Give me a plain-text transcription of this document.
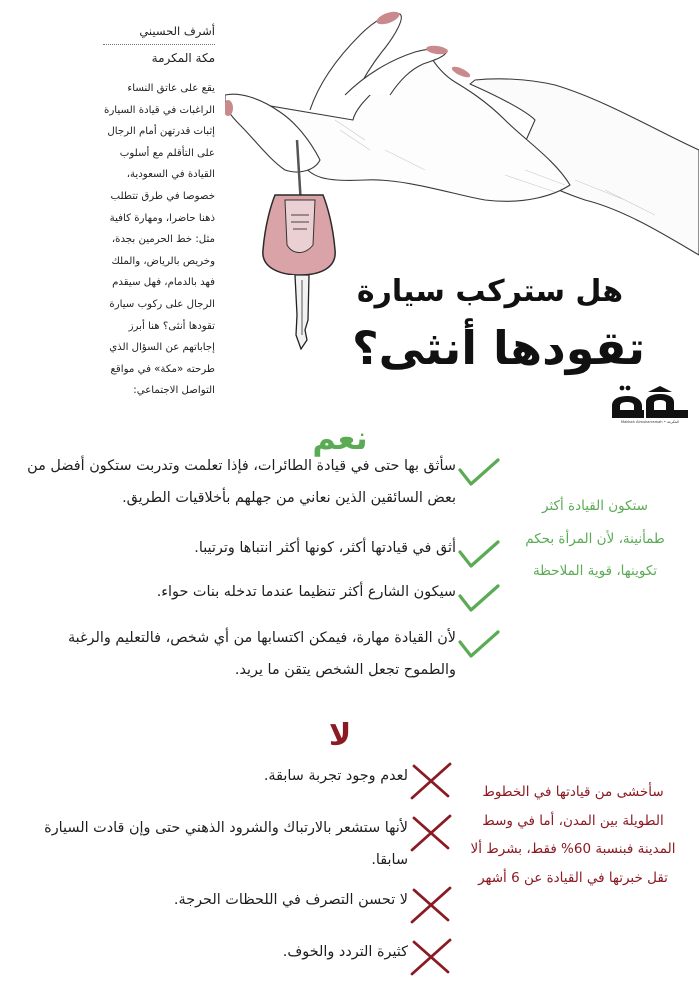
أشرف الحسيني
مكة المكرمة
يقع على عاتق النساء الراغبات في قيادة السيارة إثبات قدرتهن أمام الرجال على التأقلم مع أسلوب القيادة في السعودية، خصوصا في طرق تتطلب ذهنا حاضرا، ومهارة كافية مثل: خط الحرمين بجدة، وخريص بالرياض، والملك فهد بالدمام، فهل سيقدم الرجال على ركوب سيارة تقودها أنثى؟ هنا أبرز إجاباتهم عن السؤال الذي طرحته «مكة» في مواقع التواصل الاجتماعي:
هل ستركب سيارة
تقودها أنثى؟
Makkah Almukarramah • المكرمة
نعم
سأثق بها حتى في قيادة الطائرات، فإذا تعلمت وتدربت ستكون أفضل من بعض السائقين الذين نعاني من جهلهم بأخلاقيات الطريق.
أثق في قيادتها أكثر، كونها أكثر انتباها وترتيبا.
سيكون الشارع أكثر تنظيما عندما تدخله بنات حواء.
لأن القيادة مهارة، فيمكن اكتسابها من أي شخص، فالتعليم والرغبة والطموح تجعل الشخص يتقن ما يريد.
ستكون القيادة أكثر طمأنينة، لأن المرأة بحكم تكوينها، قوية الملاحظة
لا
لعدم وجود تجربة سابقة.
لأنها ستشعر بالارتباك والشرود الذهني حتى وإن قادت السيارة سابقا.
لا تحسن التصرف في اللحظات الحرجة.
كثيرة التردد والخوف.
سأخشى من قيادتها في الخطوط الطويلة بين المدن، أما في وسط المدينة فبنسبة 60% فقط، بشرط ألا تقل خبرتها في القيادة عن 6 أشهر
